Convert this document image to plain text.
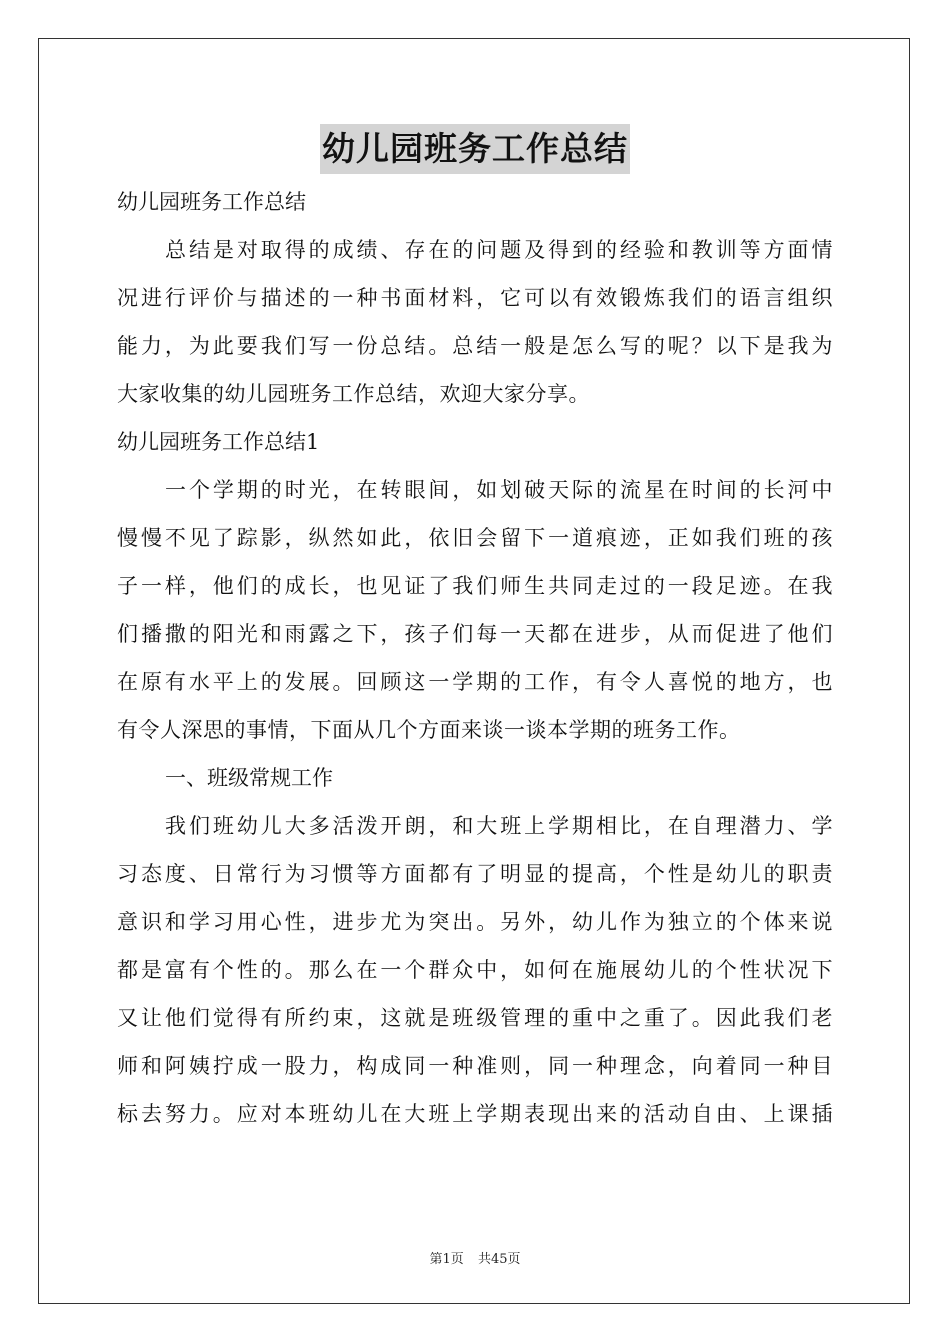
幼儿园班务工作总结
幼儿园班务工作总结
总结是对取得的成绩、存在的问题及得到的经验和教训等方面情
况进行评价与描述的一种书面材料，它可以有效锻炼我们的语言组织
能力，为此要我们写一份总结。总结一般是怎么写的呢？以下是我为
大家收集的幼儿园班务工作总结，欢迎大家分享。
幼儿园班务工作总结1
一个学期的时光，在转眼间，如划破天际的流星在时间的长河中
慢慢不见了踪影，纵然如此，依旧会留下一道痕迹，正如我们班的孩
子一样，他们的成长，也见证了我们师生共同走过的一段足迹。在我
们播撒的阳光和雨露之下，孩子们每一天都在进步，从而促进了他们
在原有水平上的发展。回顾这一学期的工作，有令人喜悦的地方，也
有令人深思的事情，下面从几个方面来谈一谈本学期的班务工作。
一、班级常规工作
我们班幼儿大多活泼开朗，和大班上学期相比，在自理潜力、学
习态度、日常行为习惯等方面都有了明显的提高，个性是幼儿的职责
意识和学习用心性，进步尤为突出。另外，幼儿作为独立的个体来说
都是富有个性的。那么在一个群众中，如何在施展幼儿的个性状况下
又让他们觉得有所约束，这就是班级管理的重中之重了。因此我们老
师和阿姨拧成一股力，构成同一种准则，同一种理念，向着同一种目
标去努力。应对本班幼儿在大班上学期表现出来的活动自由、上课插
第1页 共45页
